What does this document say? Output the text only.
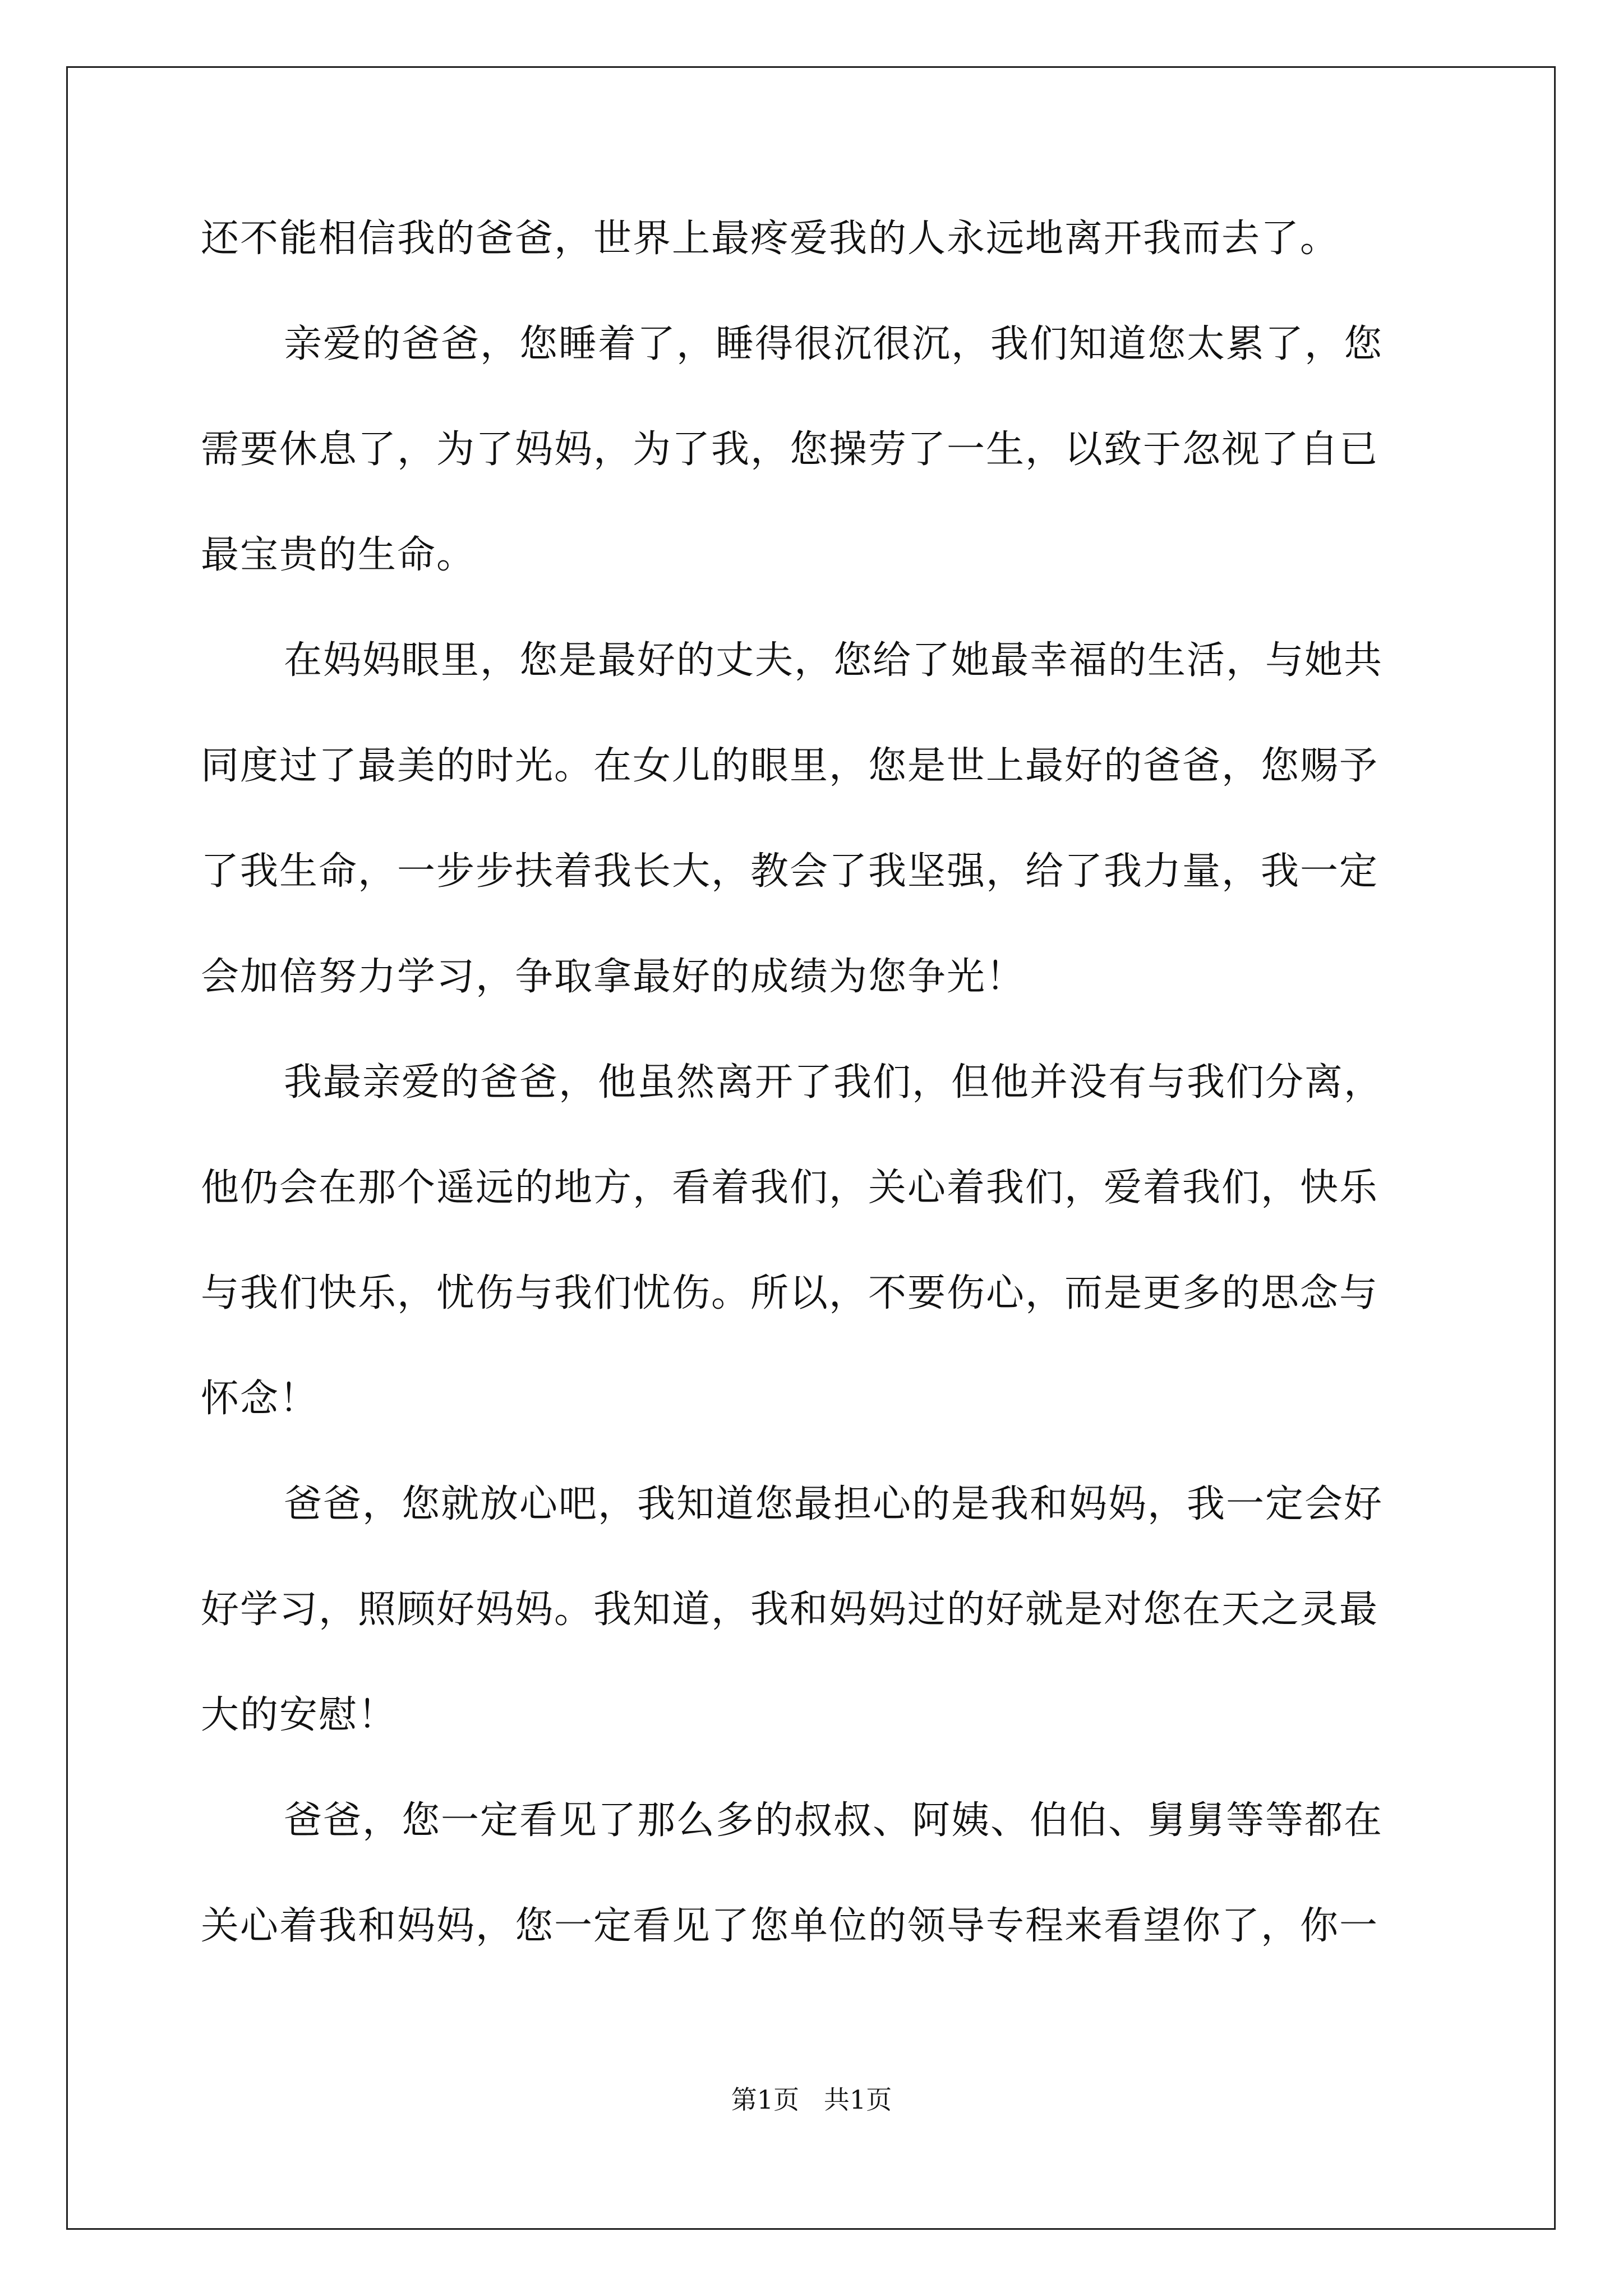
还不能相信我的爸爸，世界上最疼爱我的人永远地离开我而去了。
亲爱的爸爸，您睡着了，睡得很沉很沉，我们知道您太累了，您
需要休息了，为了妈妈，为了我，您操劳了一生，以致于忽视了自已
最宝贵的生命。
在妈妈眼里，您是最好的丈夫，您给了她最幸福的生活，与她共
同度过了最美的时光。在女儿的眼里，您是世上最好的爸爸，您赐予
了我生命，一步步扶着我长大，教会了我坚强，给了我力量，我一定
会加倍努力学习，争取拿最好的成绩为您争光！
我最亲爱的爸爸，他虽然离开了我们，但他并没有与我们分离，
他仍会在那个遥远的地方，看着我们，关心着我们，爱着我们，快乐
与我们快乐，忧伤与我们忧伤。所以，不要伤心，而是更多的思念与
怀念！
爸爸，您就放心吧，我知道您最担心的是我和妈妈，我一定会好
好学习，照顾好妈妈。我知道，我和妈妈过的好就是对您在天之灵最
大的安慰！
爸爸，您一定看见了那么多的叔叔、阿姨、伯伯、舅舅等等都在
关心着我和妈妈，您一定看见了您单位的领导专程来看望你了，你一
第1页   共1页
